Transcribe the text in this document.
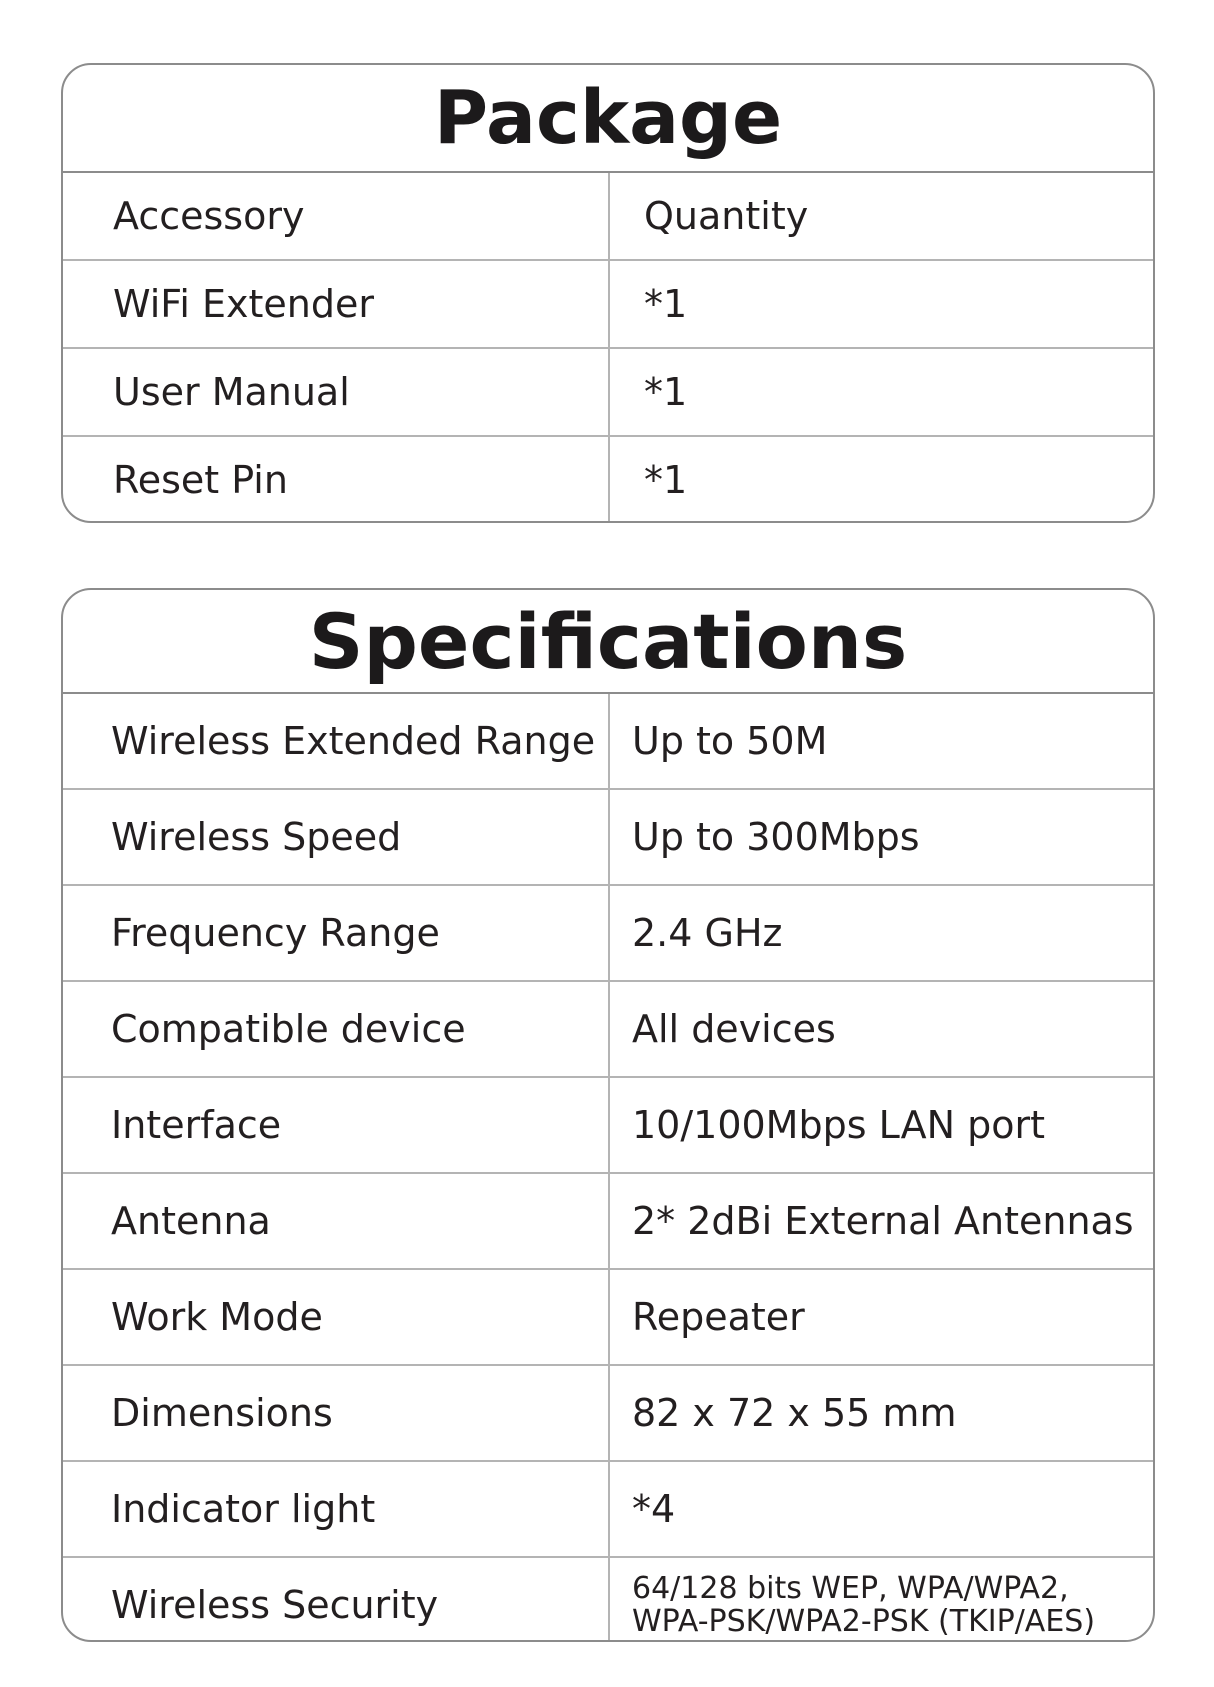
Package
Accessory	Quantity
WiFi Extender	*1
User Manual	*1
Reset Pin	*1
Specifications
Wireless Extended Range	Up to 50M
Wireless Speed	Up to 300Mbps
Frequency Range	2.4 GHz
Compatible device	All devices
Interface	10/100Mbps LAN port
Antenna	2* 2dBi External Antennas
Work Mode	Repeater
Dimensions	82 x 72 x 55 mm
Indicator light	*4
Wireless Security	64/128 bits WEP, WPA/WPA2,
WPA-PSK/WPA2-PSK (TKIP/AES)
